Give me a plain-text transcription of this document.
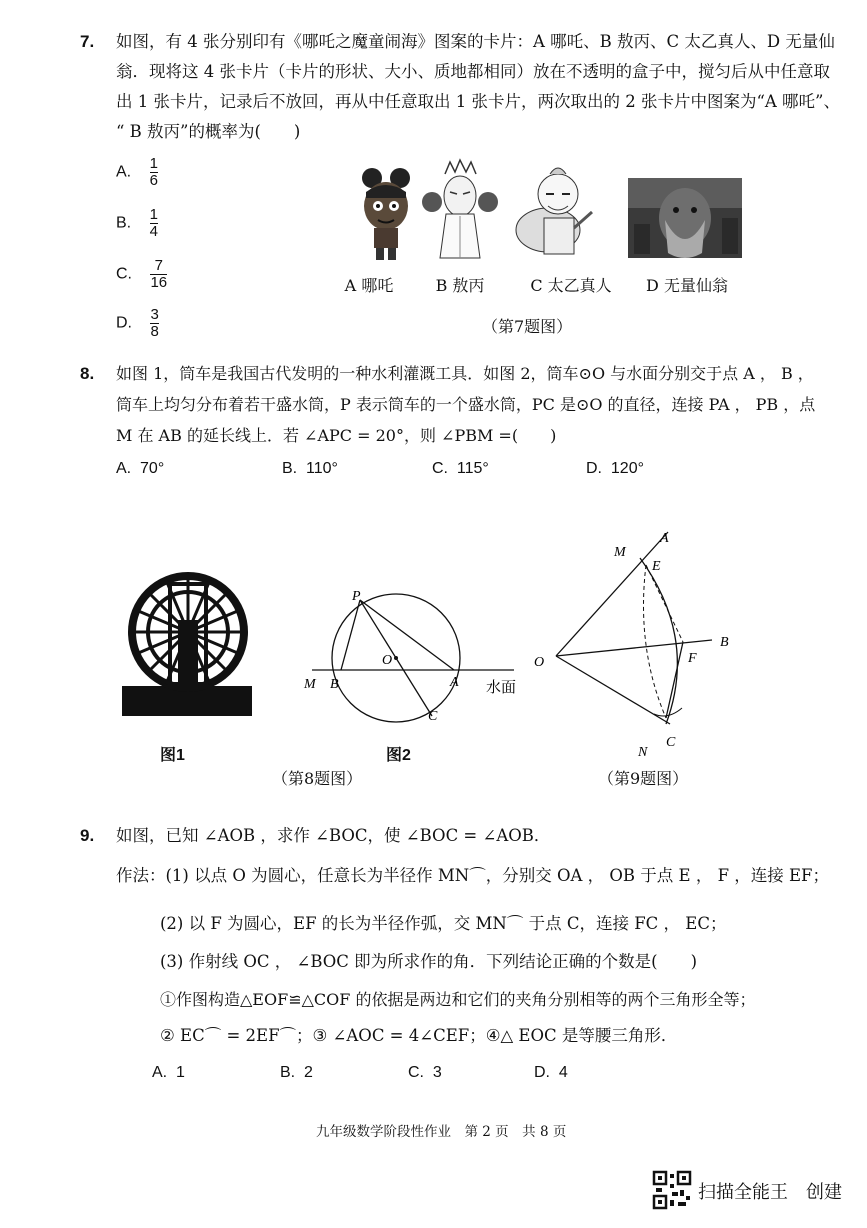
7. 如图，有 4 张分别印有《哪吒之魔童闹海》图案的卡片：A 哪吒、B 敖丙、C 太乙真人、D 无量仙
翁．现将这 4 张卡片（卡片的形状、大小、质地都相同）放在不透明的盒子中，搅匀后从中任意取
出 1 张卡片，记录后不放回，再从中任意取出 1 张卡片，两次取出的 2 张卡片中图案为“A 哪吒”、
“ B 敖丙”的概率为(　　)
A. $\frac{1}{6}$
B. $\frac{1}{4}$
C. $\frac{7}{16}$
D. $\frac{3}{8}$
A 哪吒	B 敖丙	C 太乙真人	D 无量仙翁
（第7题图）
8. 如图 1，筒车是我国古代发明的一种水利灌溉工具．如图 2，筒车⊙O 与水面分别交于点 A ， B ，
筒车上均匀分布着若干盛水筒，P 表示筒车的一个盛水筒，PC 是⊙O 的直径，连接 PA ， PB ，点
M 在 AB 的延长线上．若 ∠APC = 20°，则 ∠PBM =(　　)
A. 70°	B. 110°	C. 115°	D. 120°
图1
P
O
M B	A
C
水面
图2
（第8题图）
M
A
E
B
O	F
N
C
（第9题图）
9. 如图，已知 ∠AOB ，求作 ∠BOC，使 ∠BOC = ∠AOB．
作法：(1) 以点 O 为圆心，任意长为半径作 MN⌒，分别交 OA ， OB 于点 E ， F ，连接 EF；
(2) 以 F 为圆心，EF 的长为半径作弧，交 MN⌒ 于点 C，连接 FC ， EC；
(3) 作射线 OC ， ∠BOC 即为所求作的角．下列结论正确的个数是(　　)
①作图构造△EOF≌△COF 的依据是两边和它们的夹角分别相等的两个三角形全等；
② EC⌒ = 2EF⌒；③ ∠AOC = 4∠CEF；④△ EOC 是等腰三角形．
A. 1	B. 2	C. 3	D. 4
九年级数学阶段性作业　第 2 页　共 8 页
扫描全能王　创建
